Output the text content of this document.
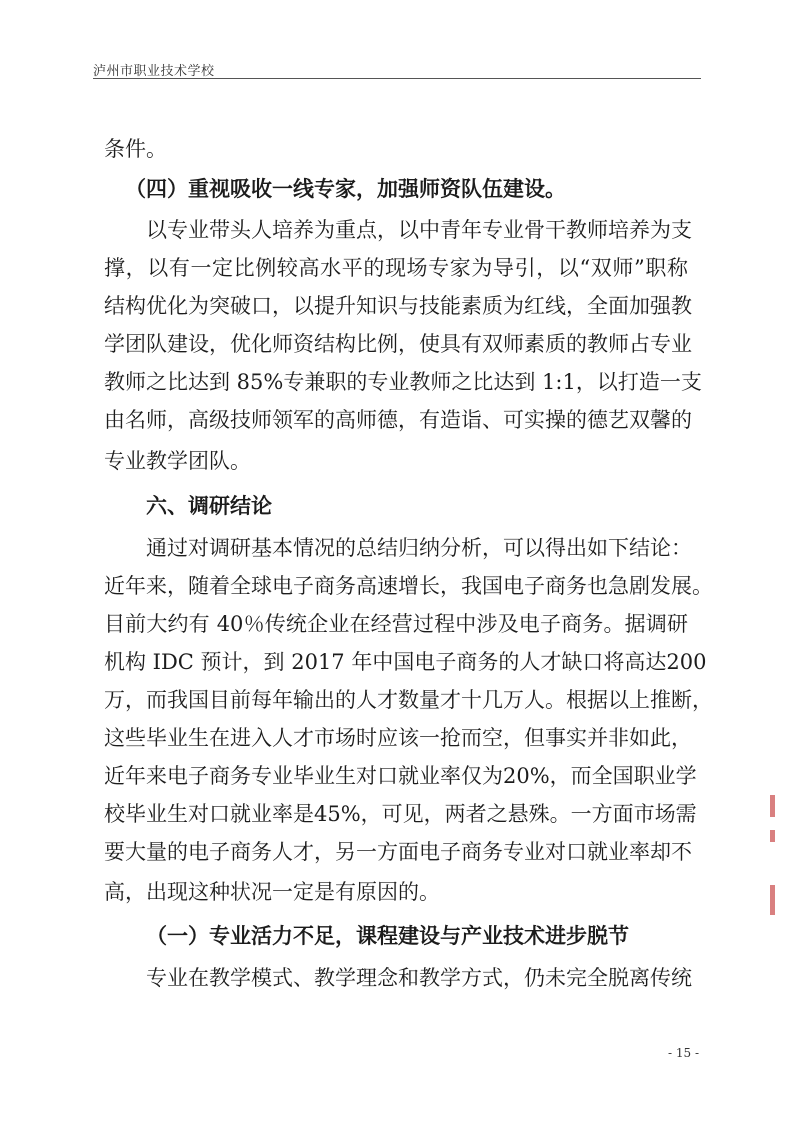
泸州市职业技术学校
条件。
（四）重视吸收一线专家，加强师资队伍建设。
以专业带头人培养为重点，以中青年专业骨干教师培养为支
撑，以有一定比例较高水平的现场专家为导引，以“双师”职称
结构优化为突破口，以提升知识与技能素质为红线，全面加强教
学团队建设，优化师资结构比例，使具有双师素质的教师占专业
教师之比达到 85%专兼职的专业教师之比达到 1:1，以打造一支
由名师，高级技师领军的高师德，有造诣、可实操的德艺双馨的
专业教学团队。
六、调研结论
通过对调研基本情况的总结归纳分析，可以得出如下结论：
近年来，随着全球电子商务高速增长，我国电子商务也急剧发展。
目前大约有 40％传统企业在经营过程中涉及电子商务。据调研
机构 IDC 预计，到 2017 年中国电子商务的人才缺口将高达200
万，而我国目前每年输出的人才数量才十几万人。根据以上推断，
这些毕业生在进入人才市场时应该一抢而空，但事实并非如此，
近年来电子商务专业毕业生对口就业率仅为20%，而全国职业学
校毕业生对口就业率是45%，可见，两者之悬殊。一方面市场需
要大量的电子商务人才，另一方面电子商务专业对口就业率却不
高，出现这种状况一定是有原因的。
（一）专业活力不足，课程建设与产业技术进步脱节
专业在教学模式、教学理念和教学方式，仍未完全脱离传统
- 15 -
